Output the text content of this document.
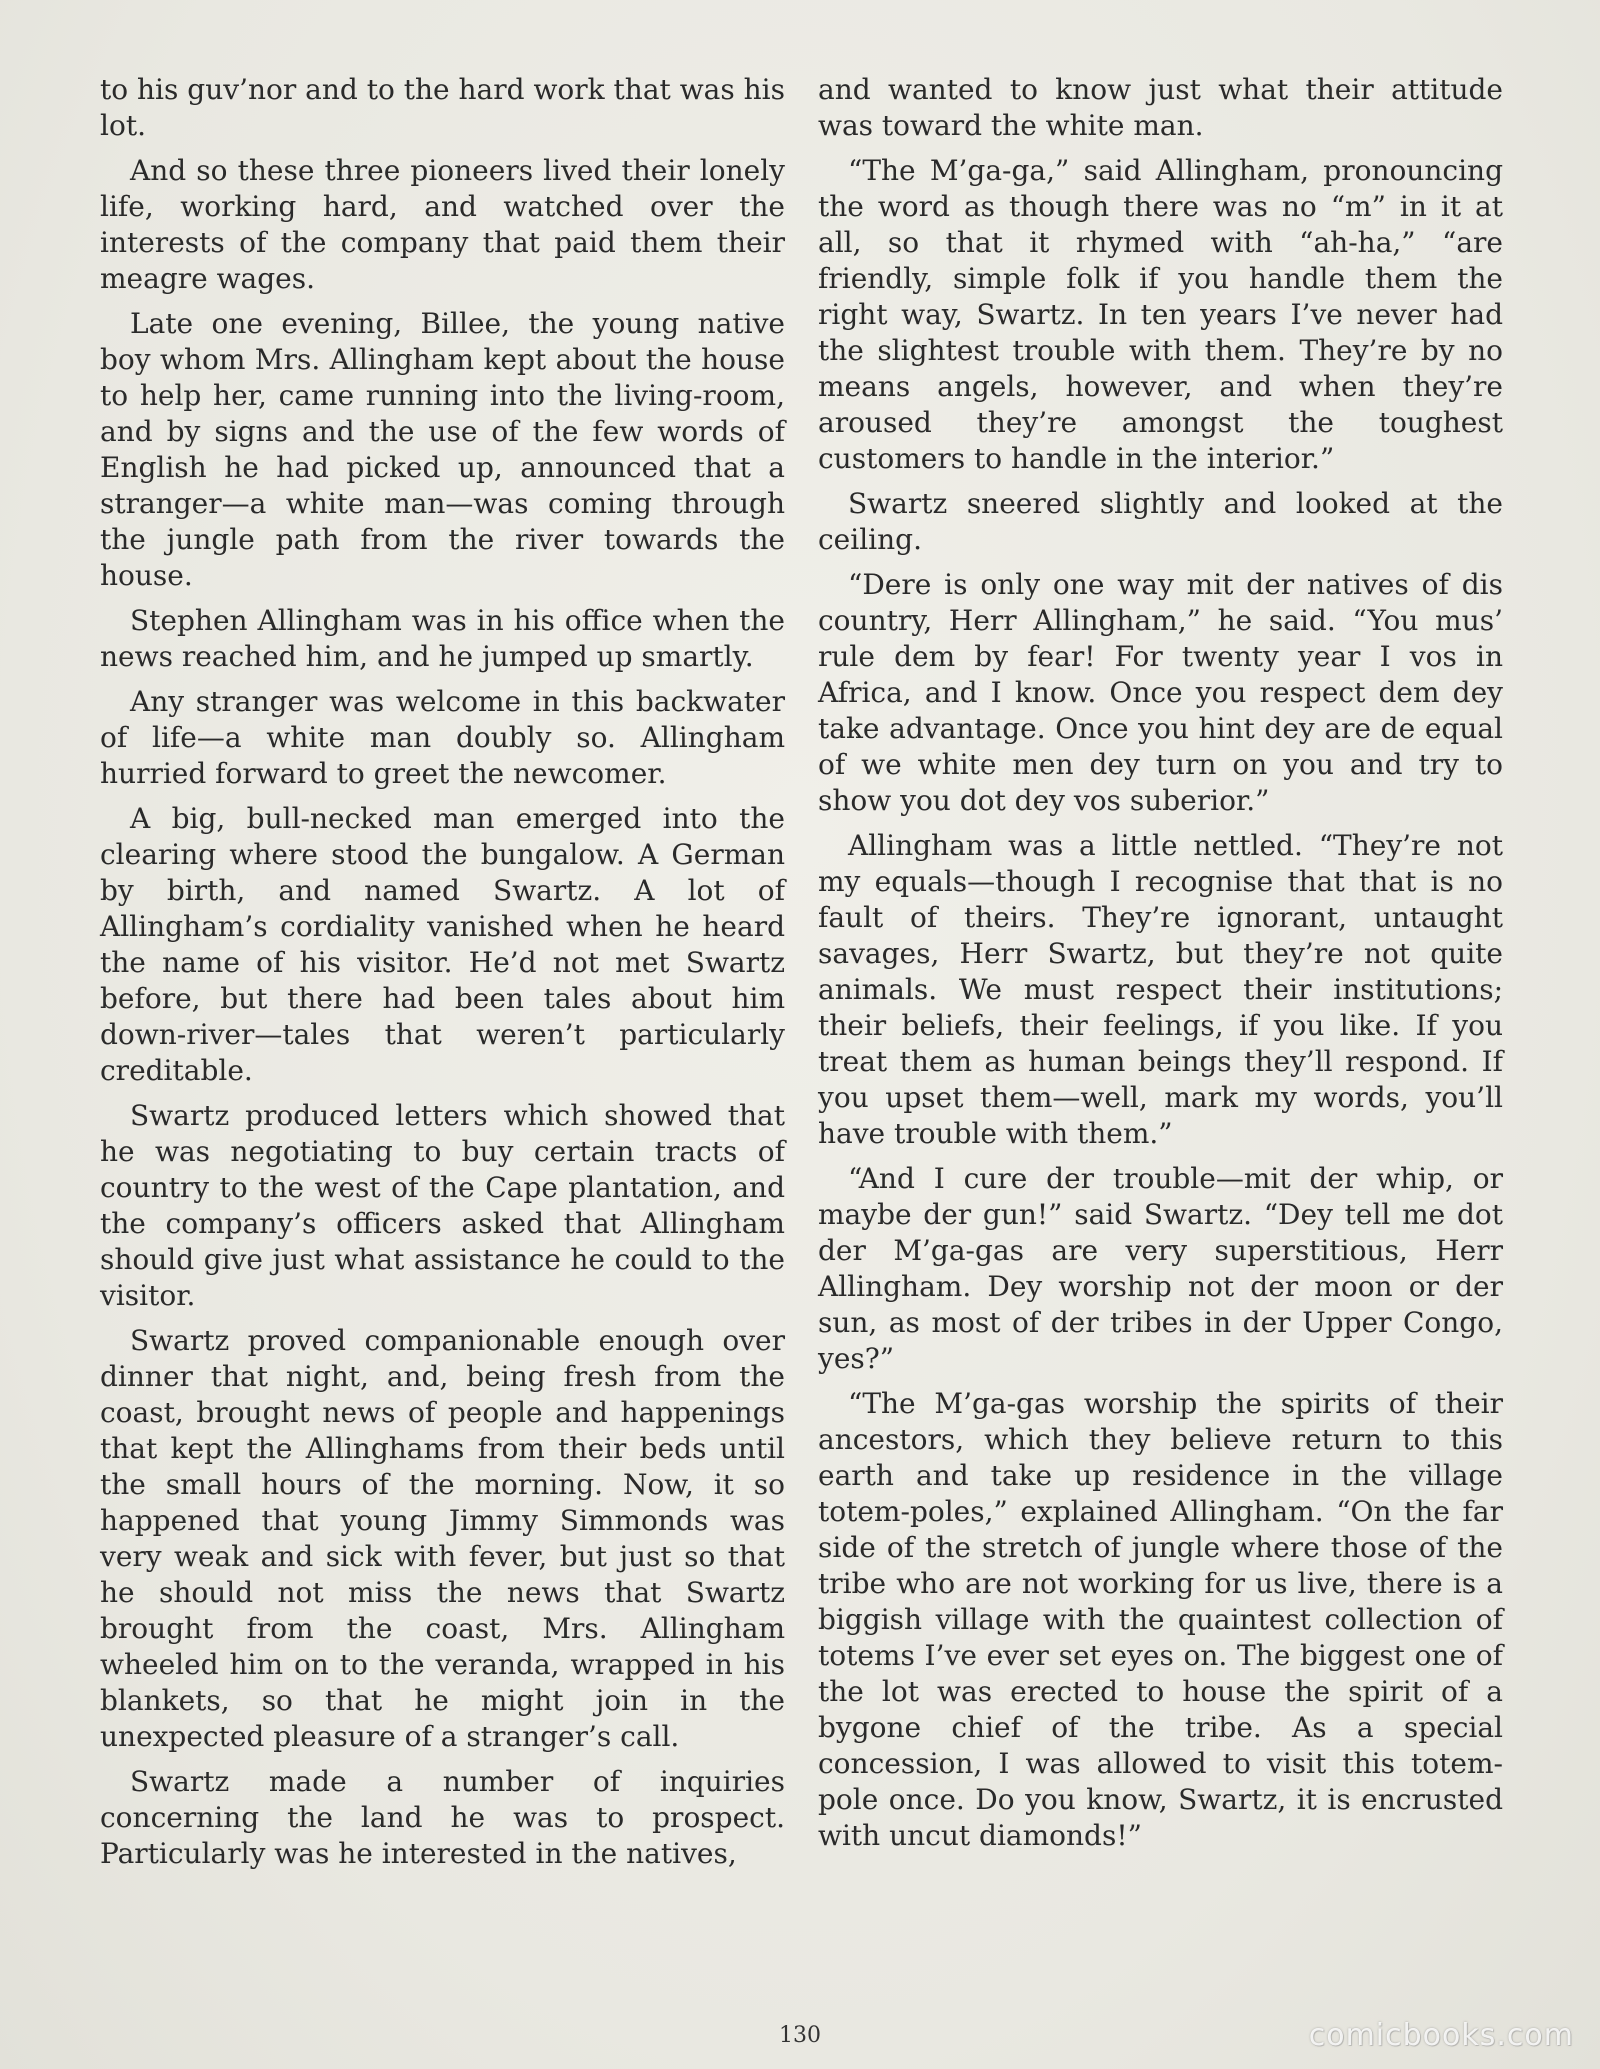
to his guv’nor and to the hard work that was his lot.

And so these three pioneers lived their lonely life, working hard, and watched over the interests of the company that paid them their meagre wages.

Late one evening, Billee, the young native boy whom Mrs. Allingham kept about the house to help her, came running into the living-room, and by signs and the use of the few words of English he had picked up, announced that a stranger—a white man—was coming through the jungle path from the river towards the house.

Stephen Allingham was in his office when the news reached him, and he jumped up smartly.

Any stranger was welcome in this backwater of life—a white man doubly so. Allingham hurried forward to greet the newcomer.

A big, bull-necked man emerged into the clearing where stood the bungalow. A German by birth, and named Swartz. A lot of Allingham’s cordiality vanished when he heard the name of his visitor. He’d not met Swartz before, but there had been tales about him down-river—tales that weren’t particularly creditable.

Swartz produced letters which showed that he was negotiating to buy certain tracts of country to the west of the Cape plantation, and the company’s officers asked that Allingham should give just what assistance he could to the visitor.

Swartz proved companionable enough over dinner that night, and, being fresh from the coast, brought news of people and happenings that kept the Allinghams from their beds until the small hours of the morning. Now, it so happened that young Jimmy Simmonds was very weak and sick with fever, but just so that he should not miss the news that Swartz brought from the coast, Mrs. Allingham wheeled him on to the veranda, wrapped in his blankets, so that he might join in the unexpected pleasure of a stranger’s call.

Swartz made a number of inquiries concerning the land he was to prospect. Particularly was he interested in the natives,

and wanted to know just what their attitude was toward the white man.

“The M’ga-ga,” said Allingham, pronouncing the word as though there was no “m” in it at all, so that it rhymed with “ah-ha,” “are friendly, simple folk if you handle them the right way, Swartz. In ten years I’ve never had the slightest trouble with them. They’re by no means angels, however, and when they’re aroused they’re amongst the toughest customers to handle in the interior.”

Swartz sneered slightly and looked at the ceiling.

“Dere is only one way mit der natives of dis country, Herr Allingham,” he said. “You mus’ rule dem by fear! For twenty year I vos in Africa, and I know. Once you respect dem dey take advantage. Once you hint dey are de equal of we white men dey turn on you and try to show you dot dey vos suberior.”

Allingham was a little nettled. “They’re not my equals—though I recognise that that is no fault of theirs. They’re ignorant, untaught savages, Herr Swartz, but they’re not quite animals. We must respect their institutions; their beliefs, their feelings, if you like. If you treat them as human beings they’ll respond. If you upset them—well, mark my words, you’ll have trouble with them.”

“And I cure der trouble—mit der whip, or maybe der gun!” said Swartz. “Dey tell me dot der M’ga-gas are very superstitious, Herr Allingham. Dey worship not der moon or der sun, as most of der tribes in der Upper Congo, yes?”

“The M’ga-gas worship the spirits of their ancestors, which they believe return to this earth and take up residence in the village totem-poles,” explained Allingham. “On the far side of the stretch of jungle where those of the tribe who are not working for us live, there is a biggish village with the quaintest collection of totems I’ve ever set eyes on. The biggest one of the lot was erected to house the spirit of a bygone chief of the tribe. As a special concession, I was allowed to visit this totem-pole once. Do you know, Swartz, it is encrusted with uncut diamonds!”

130	comicbooks.com
